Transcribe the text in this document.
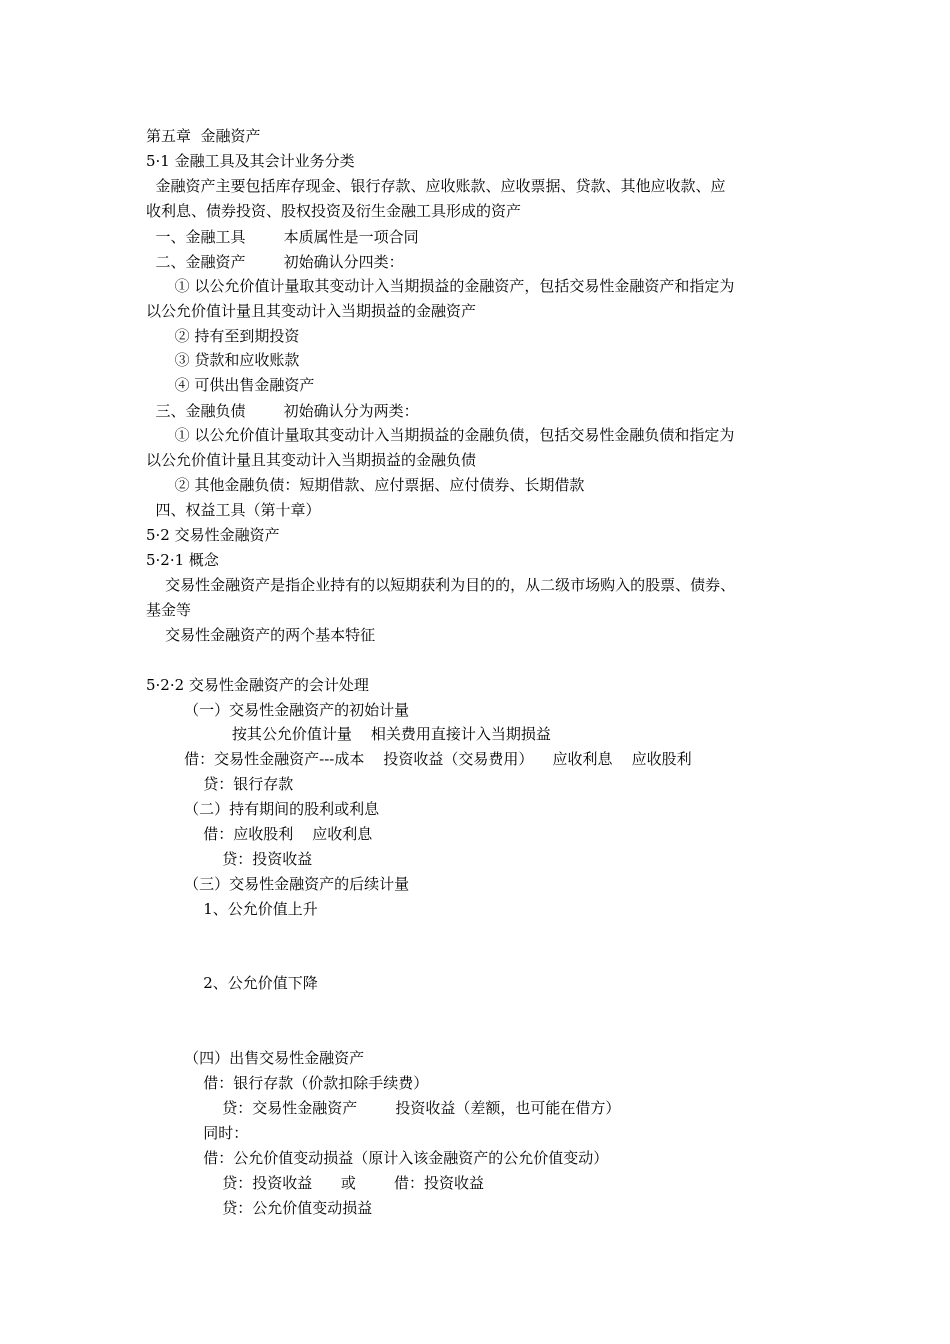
第五章  金融资产
5·1 金融工具及其会计业务分类
金融资产主要包括库存现金、银行存款、应收账款、应收票据、贷款、其他应收款、应
收利息、债券投资、股权投资及衍生金融工具形成的资产
一、金融工具        本质属性是一项合同
二、金融资产        初始确认分四类：
① 以公允价值计量取其变动计入当期损益的金融资产，包括交易性金融资产和指定为
以公允价值计量且其变动计入当期损益的金融资产
② 持有至到期投资
③ 贷款和应收账款
④ 可供出售金融资产
三、金融负债        初始确认分为两类：
① 以公允价值计量取其变动计入当期损益的金融负债，包括交易性金融负债和指定为
以公允价值计量且其变动计入当期损益的金融负债
② 其他金融负债：短期借款、应付票据、应付债券、长期借款
四、权益工具（第十章）
5·2 交易性金融资产
5·2·1 概念
交易性金融资产是指企业持有的以短期获利为目的的，从二级市场购入的股票、债券、
基金等
交易性金融资产的两个基本特征
5·2·2 交易性金融资产的会计处理
（一）交易性金融资产的初始计量
按其公允价值计量    相关费用直接计入当期损益
借：交易性金融资产---成本    投资收益（交易费用）    应收利息    应收股利
贷：银行存款
（二）持有期间的股利或利息
借：应收股利    应收利息
贷：投资收益
（三）交易性金融资产的后续计量
1、公允价值上升
2、公允价值下降
（四）出售交易性金融资产
借：银行存款（价款扣除手续费）
贷：交易性金融资产        投资收益（差额，也可能在借方）
同时：
借：公允价值变动损益（原计入该金融资产的公允价值变动）
贷：投资收益      或        借：投资收益
贷：公允价值变动损益
